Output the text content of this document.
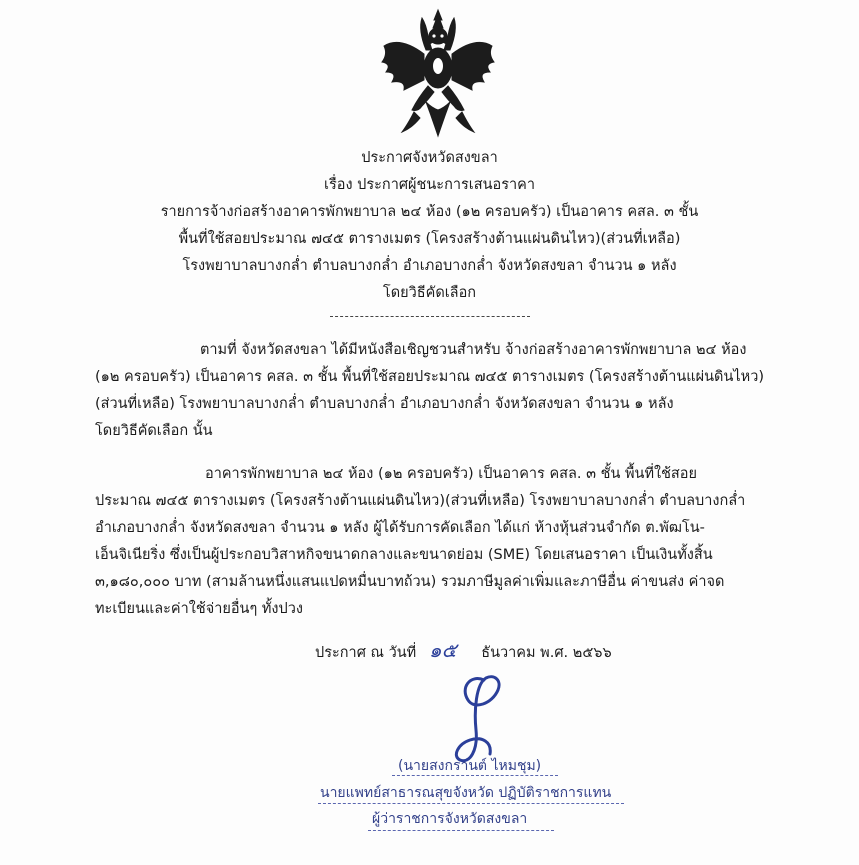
ประกาศจังหวัดสงขลา
เรื่อง ประกาศผู้ชนะการเสนอราคา
รายการจ้างก่อสร้างอาคารพักพยาบาล ๒๔ ห้อง (๑๒ ครอบครัว) เป็นอาคาร คสล. ๓ ชั้น
พื้นที่ใช้สอยประมาณ ๗๔๕ ตารางเมตร (โครงสร้างต้านแผ่นดินไหว)(ส่วนที่เหลือ)
โรงพยาบาลบางกล่ำ ตำบลบางกล่ำ อำเภอบางกล่ำ จังหวัดสงขลา จำนวน ๑ หลัง
โดยวิธีคัดเลือก
ตามที่ จังหวัดสงขลา ได้มีหนังสือเชิญชวนสำหรับ จ้างก่อสร้างอาคารพักพยาบาล ๒๔ ห้อง
(๑๒ ครอบครัว) เป็นอาคาร คสล. ๓ ชั้น พื้นที่ใช้สอยประมาณ ๗๔๕ ตารางเมตร (โครงสร้างต้านแผ่นดินไหว)
(ส่วนที่เหลือ) โรงพยาบาลบางกล่ำ ตำบลบางกล่ำ อำเภอบางกล่ำ จังหวัดสงขลา จำนวน ๑ หลัง
โดยวิธีคัดเลือก นั้น
อาคารพักพยาบาล ๒๔ ห้อง (๑๒ ครอบครัว) เป็นอาคาร คสล. ๓ ชั้น พื้นที่ใช้สอย
ประมาณ ๗๔๕ ตารางเมตร (โครงสร้างต้านแผ่นดินไหว)(ส่วนที่เหลือ) โรงพยาบาลบางกล่ำ ตำบลบางกล่ำ
อำเภอบางกล่ำ จังหวัดสงขลา จำนวน ๑ หลัง ผู้ได้รับการคัดเลือก ได้แก่ ห้างหุ้นส่วนจำกัด ต.พัฒโน-
เอ็นจิเนียริ่ง ซึ่งเป็นผู้ประกอบวิสาหกิจขนาดกลางและขนาดย่อม (SME) โดยเสนอราคา เป็นเงินทั้งสิ้น
๓,๑๘๐,๐๐๐ บาท (สามล้านหนึ่งแสนแปดหมื่นบาทถ้วน) รวมภาษีมูลค่าเพิ่มและภาษีอื่น ค่าขนส่ง ค่าจด
ทะเบียนและค่าใช้จ่ายอื่นๆ ทั้งปวง
ประกาศ ณ วันที่ ๑๕ ธันวาคม พ.ศ. ๒๕๖๖
(นายสงกรานต์ ไหมชุม)
นายแพทย์สาธารณสุขจังหวัด ปฏิบัติราชการแทน
ผู้ว่าราชการจังหวัดสงขลา
